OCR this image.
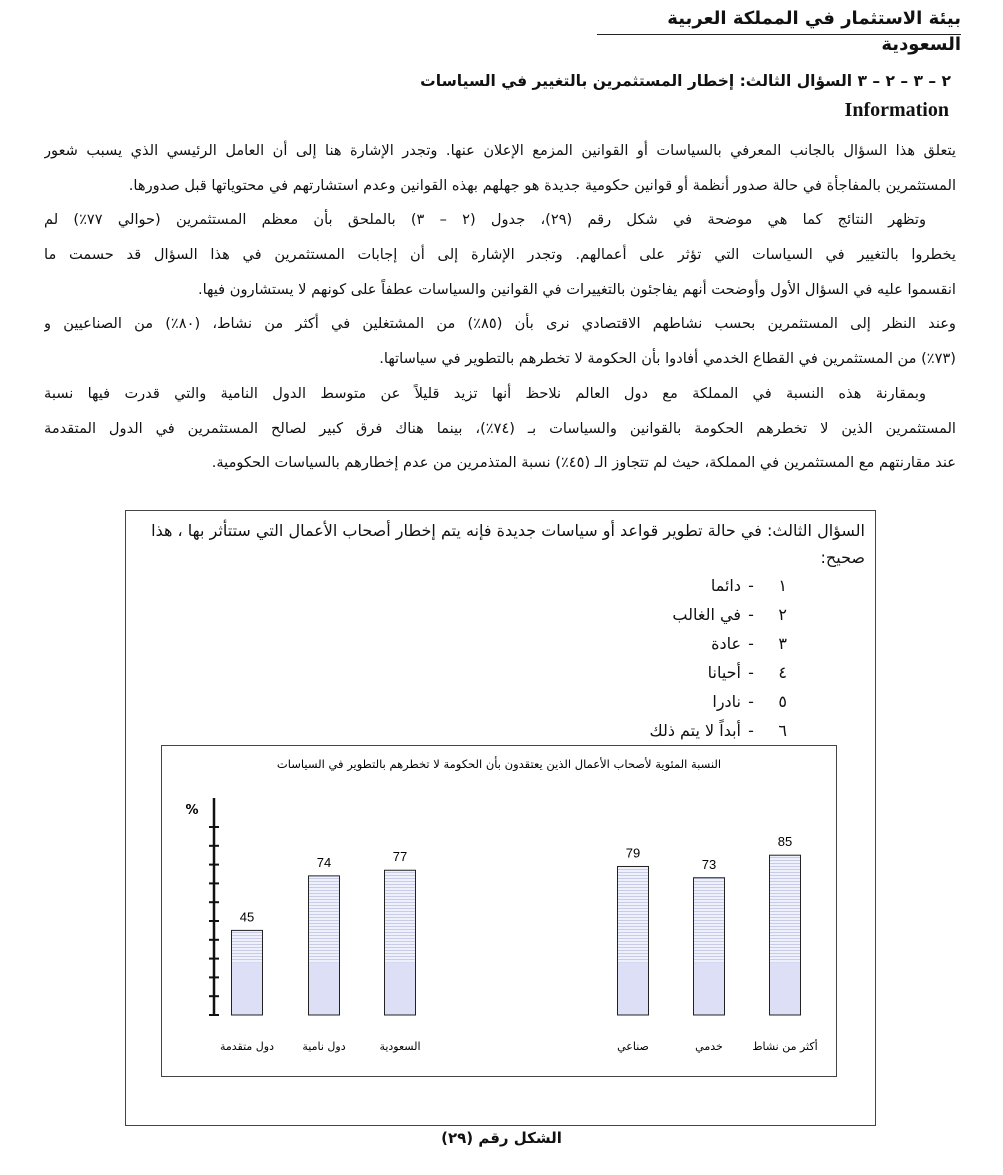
بيئة الاستثمار في المملكة العربية السعودية
٢ – ٣ – ٢ – ٣ السؤال الثالث: إخطار المستثمرين بالتغيير في السياسات
Information
يتعلق هذا السؤال بالجانب المعرفي بالسياسات أو القوانين المزمع الإعلان عنها. وتجدر الإشارة هنا إلى أن العامل الرئيسي الذي يسبب شعور
المستثمرين بالمفاجأة في حالة صدور أنظمة أو قوانين حكومية جديدة هو جهلهم بهذه القوانين وعدم استشارتهم في محتوياتها قبل صدورها.
وتظهر النتائج كما هي موضحة في شكل رقم (٢٩)، جدول (٢ – ٣) بالملحق بأن معظم المستثمرين (حوالي ٧٧٪) لم
يخطروا بالتغيير في السياسات التي تؤثر على أعمالهم. وتجدر الإشارة إلى أن إجابات المستثمرين في هذا السؤال قد حسمت ما
انقسموا عليه في السؤال الأول وأوضحت أنهم يفاجئون بالتغييرات في القوانين والسياسات عطفاً على كونهم لا يستشارون فيها.
وعند النظر إلى المستثمرين بحسب نشاطهم الاقتصادي نرى بأن (٨٥٪) من المشتغلين في أكثر من نشاط، (٨٠٪) من الصناعيين و
(٧٣٪) من المستثمرين في القطاع الخدمي أفادوا بأن الحكومة لا تخطرهم بالتطوير في سياساتها.
وبمقارنة هذه النسبة في المملكة مع دول العالم نلاحظ أنها تزيد قليلاً عن متوسط الدول النامية والتي قدرت فيها نسبة
المستثمرين الذين لا تخطرهم الحكومة بالقوانين والسياسات بـ (٧٤٪)، بينما هناك فرق كبير لصالح المستثمرين في الدول المتقدمة
عند مقارنتهم مع المستثمرين في المملكة، حيث لم تتجاوز الـ (٤٥٪) نسبة المتذمرين من عدم إخطارهم بالسياسات الحكومية.
السؤال الثالث: في حالة تطوير قواعد أو سياسات جديدة فإنه يتم إخطار أصحاب الأعمال التي ستتأثر بها ، هذا صحيح:
١-دائما
٢-في الغالب
٣-عادة
٤-أحيانا
٥-نادرا
٦-أبداً لا يتم ذلك
النسبة المئوية لأصحاب الأعمال الذين يعتقدون بأن الحكومة لا تخطرهم بالتطوير في السياسات
%
45
دول متقدمة
74
دول نامية
77
السعودية
79
صناعي
73
خدمي
85
أكثر من نشاط
الشكل رقم (٢٩)
